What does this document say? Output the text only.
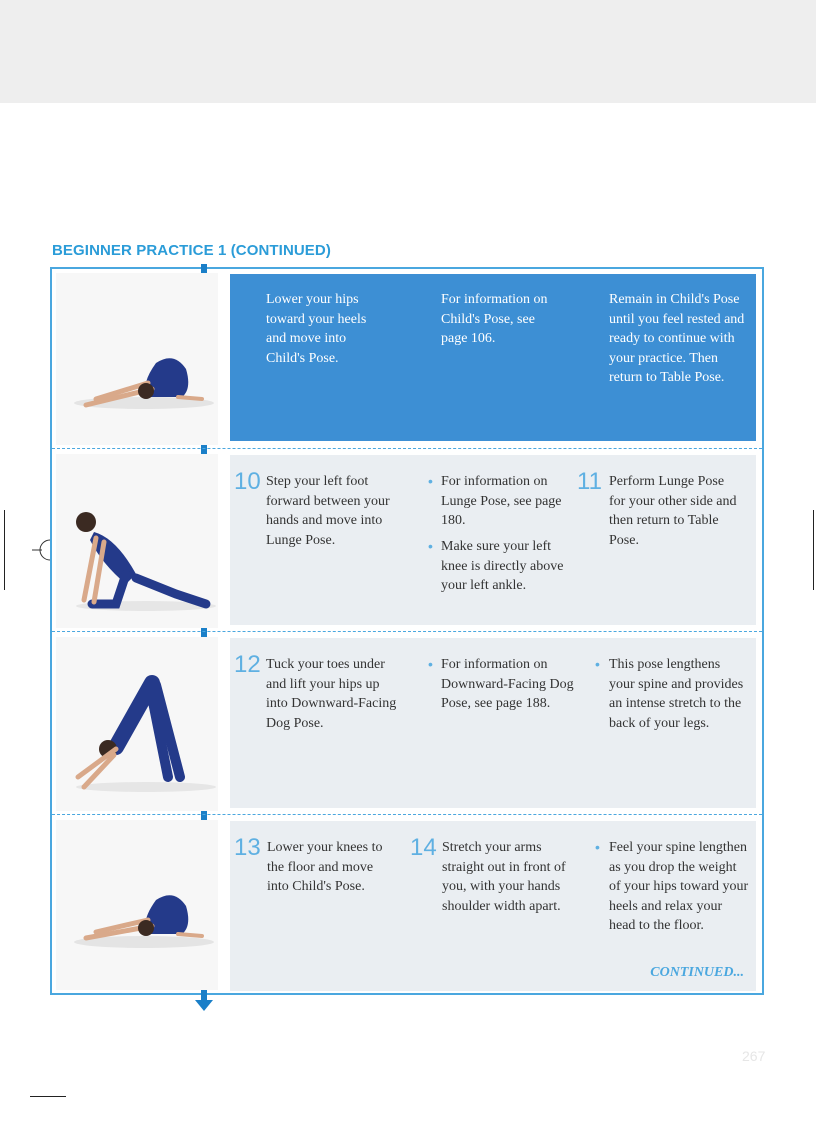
BEGINNER PRACTICE 1 (CONTINUED)
Lower your hips toward your heels and move into Child's Pose.
For information on Child's Pose, see page 106.
Remain in Child's Pose until you feel rested and ready to continue with your practice. Then return to Table Pose.
10 Step your left foot forward between your hands and move into Lunge Pose.
• For information on Lunge Pose, see page 180.
• Make sure your left knee is directly above your left ankle.
11 Perform Lunge Pose for your other side and then return to Table Pose.
12 Tuck your toes under and lift your hips up into Downward-Facing Dog Pose.
• For information on Downward-Facing Dog Pose, see page 188.
• This pose lengthens your spine and provides an intense stretch to the back of your legs.
13 Lower your knees to the floor and move into Child's Pose.
14 Stretch your arms straight out in front of you, with your hands shoulder width apart.
• Feel your spine lengthen as you drop the weight of your hips toward your heels and relax your head to the floor.
CONTINUED...
267
